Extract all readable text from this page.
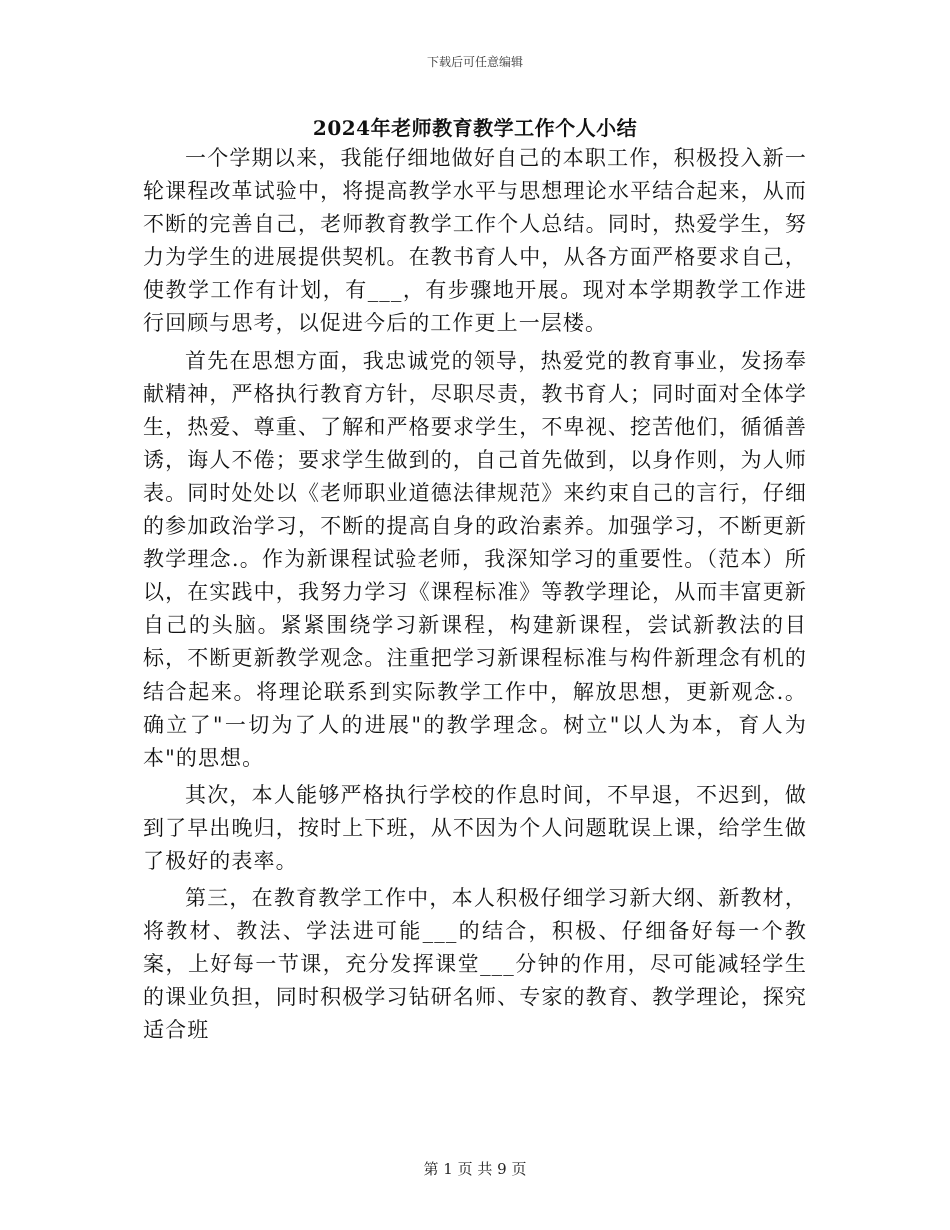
下载后可任意编辑
2024年老师教育教学工作个人小结

一个学期以来，我能仔细地做好自己的本职工作，积极投入新一轮课程改革试验中，将提高教学水平与思想理论水平结合起来，从而不断的完善自己，老师教育教学工作个人总结。同时，热爱学生，努力为学生的进展提供契机。在教书育人中，从各方面严格要求自己，使教学工作有计划，有___，有步骤地开展。现对本学期教学工作进行回顾与思考，以促进今后的工作更上一层楼。

首先在思想方面，我忠诚党的领导，热爱党的教育事业，发扬奉献精神，严格执行教育方针，尽职尽责，教书育人；同时面对全体学生，热爱、尊重、了解和严格要求学生，不卑视、挖苦他们，循循善诱，诲人不倦；要求学生做到的，自己首先做到，以身作则，为人师表。同时处处以《老师职业道德法律规范》来约束自己的言行，仔细的参加政治学习，不断的提高自身的政治素养。加强学习，不断更新教学理念.。作为新课程试验老师，我深知学习的重要性。（范本）所以，在实践中，我努力学习《课程标准》等教学理论，从而丰富更新自己的头脑。紧紧围绕学习新课程，构建新课程，尝试新教法的目标，不断更新教学观念。注重把学习新课程标准与构件新理念有机的结合起来。将理论联系到实际教学工作中，解放思想，更新观念.。确立了"一切为了人的进展"的教学理念。树立"以人为本，育人为本"的思想。

其次，本人能够严格执行学校的作息时间，不早退，不迟到，做到了早出晚归，按时上下班，从不因为个人问题耽误上课，给学生做了极好的表率。

第三，在教育教学工作中，本人积极仔细学习新大纲、新教材，将教材、教法、学法进可能___的结合，积极、仔细备好每一个教案，上好每一节课，充分发挥课堂___分钟的作用，尽可能减轻学生的课业负担，同时积极学习钻研名师、专家的教育、教学理论，探究适合班

第 1 页 共 9 页
